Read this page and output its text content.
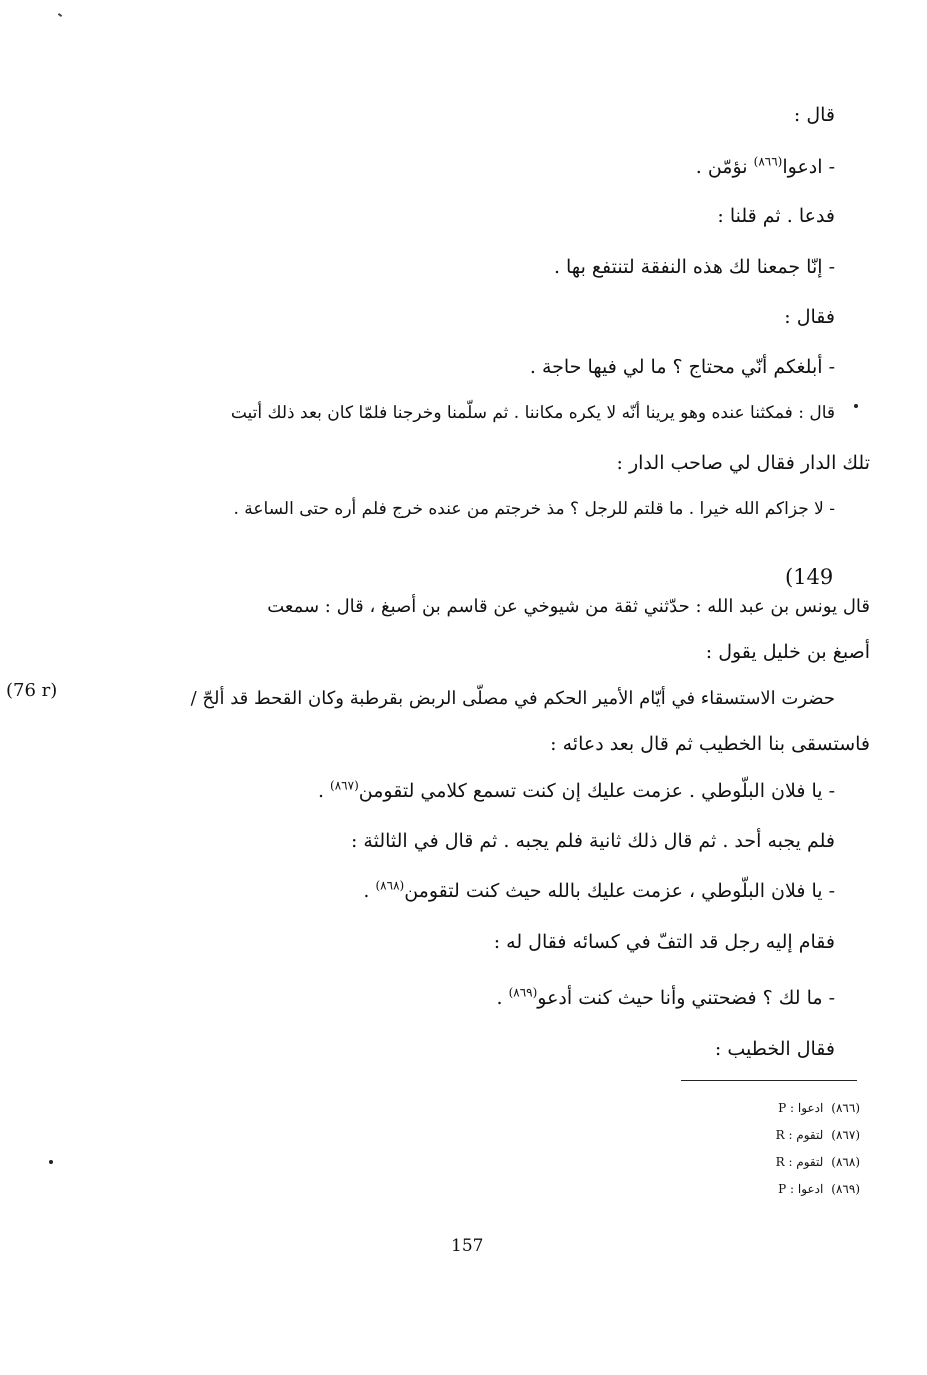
قال :
- ادعوا$^{(٨٦٦)}$ نؤمّن .
فدعا . ثم قلنا :
- إنّا جمعنا لك هذه النفقة لتنتفع بها .
فقال :
- أبلغكم أنّي محتاج ؟ ما لي فيها حاجة .
قال : فمكثنا عنده وهو يرينا أنّه لا يكره مكاننا . ثم سلّمنا وخرجنا فلمّا كان بعد ذلك أتيت
تلك الدار فقال لي صاحب الدار :
- لا جزاكم الله خيرا . ما قلتم للرجل ؟ مذ خرجتم من عنده خرج فلم أره حتى الساعة .
(149
قال يونس بن عبد الله : حدّثني ثقة من شيوخي عن قاسم بن أصبغ ، قال : سمعت
أصبغ بن خليل يقول :
(76 r)	حضرت الاستسقاء في أيّام الأمير الحكم في مصلّى الربض بقرطبة وكان القحط قد ألحّ /
فاستسقى بنا الخطيب ثم قال بعد دعائه :
- يا فلان البلّوطي . عزمت عليك إن كنت تسمع كلامي لتقومن$^{(٨٦٧)}$ .
فلم يجبه أحد . ثم قال ذلك ثانية فلم يجبه . ثم قال في الثالثة :
- يا فلان البلّوطي ، عزمت عليك بالله حيث كنت لتقومن$^{(٨٦٨)}$ .
فقام إليه رجل قد التفّ في كسائه فقال له :
- ما لك ؟ فضحتني وأنا حيث كنت أدعو$^{(٨٦٩)}$ .
فقال الخطيب :
(٨٦٦)ادعوا : P
(٨٦٧)لتقوم : R
(٨٦٨)لتقوم : R
(٨٦٩)ادعوا : P
157
